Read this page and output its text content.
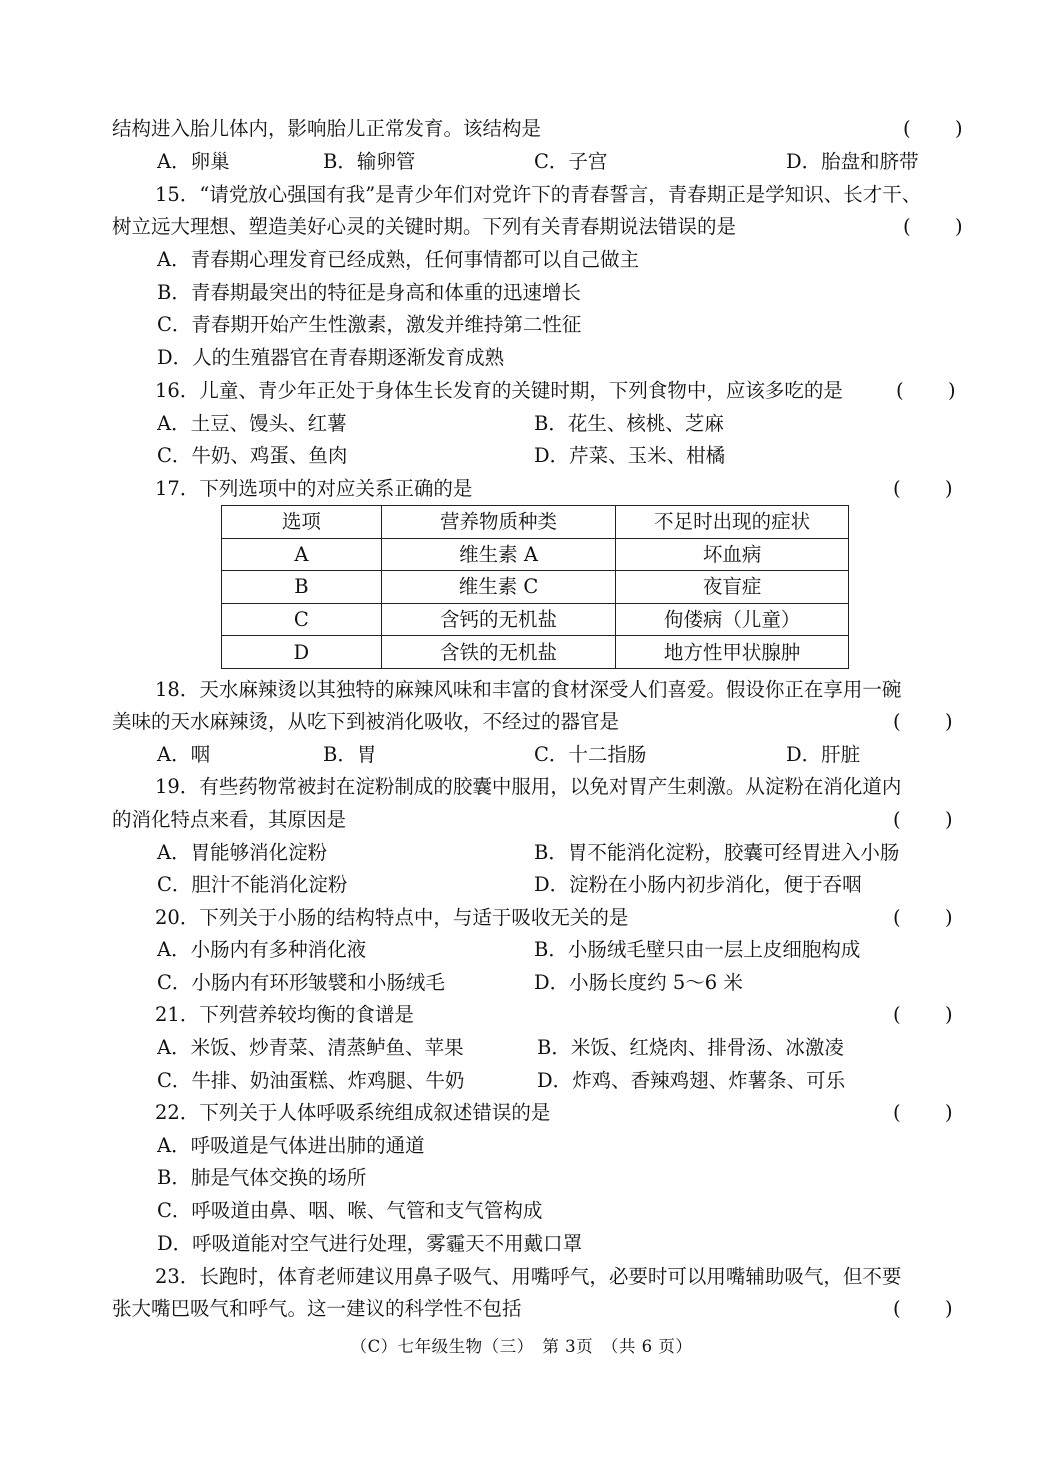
结构进入胎儿体内，影响胎儿正常发育。该结构是	( )
A．卵巢	B．输卵管	C．子宫	D．胎盘和脐带
15．“请党放心强国有我”是青少年们对党许下的青春誓言，青春期正是学知识、长才干、
树立远大理想、塑造美好心灵的关键时期。下列有关青春期说法错误的是	( )
A．青春期心理发育已经成熟，任何事情都可以自己做主
B．青春期最突出的特征是身高和体重的迅速增长
C．青春期开始产生性激素，激发并维持第二性征
D．人的生殖器官在青春期逐渐发育成熟
16．儿童、青少年正处于身体生长发育的关键时期，下列食物中，应该多吃的是	( )
A．土豆、馒头、红薯	B．花生、核桃、芝麻
C．牛奶、鸡蛋、鱼肉	D．芹菜、玉米、柑橘
17．下列选项中的对应关系正确的是	( )
选项	营养物质种类	不足时出现的症状
A	维生素 A	坏血病
B	维生素 C	夜盲症
C	含钙的无机盐	佝偻病（儿童）
D	含铁的无机盐	地方性甲状腺肿
18．天水麻辣烫以其独特的麻辣风味和丰富的食材深受人们喜爱。假设你正在享用一碗
美味的天水麻辣烫，从吃下到被消化吸收，不经过的器官是	( )
A．咽	B．胃	C．十二指肠	D．肝脏
19．有些药物常被封在淀粉制成的胶囊中服用，以免对胃产生刺激。从淀粉在消化道内
的消化特点来看，其原因是	( )
A．胃能够消化淀粉	B．胃不能消化淀粉，胶囊可经胃进入小肠
C．胆汁不能消化淀粉	D．淀粉在小肠内初步消化，便于吞咽
20．下列关于小肠的结构特点中，与适于吸收无关的是	( )
A．小肠内有多种消化液	B．小肠绒毛壁只由一层上皮细胞构成
C．小肠内有环形皱襞和小肠绒毛	D．小肠长度约 5～6 米
21．下列营养较均衡的食谱是	( )
A．米饭、炒青菜、清蒸鲈鱼、苹果	B．米饭、红烧肉、排骨汤、冰激凌
C．牛排、奶油蛋糕、炸鸡腿、牛奶	D．炸鸡、香辣鸡翅、炸薯条、可乐
22．下列关于人体呼吸系统组成叙述错误的是	( )
A．呼吸道是气体进出肺的通道
B．肺是气体交换的场所
C．呼吸道由鼻、咽、喉、气管和支气管构成
D．呼吸道能对空气进行处理，雾霾天不用戴口罩
23．长跑时，体育老师建议用鼻子吸气、用嘴呼气，必要时可以用嘴辅助吸气，但不要
张大嘴巴吸气和呼气。这一建议的科学性不包括	( )
（C）七年级生物（三）　第 3页　（共 6 页）
